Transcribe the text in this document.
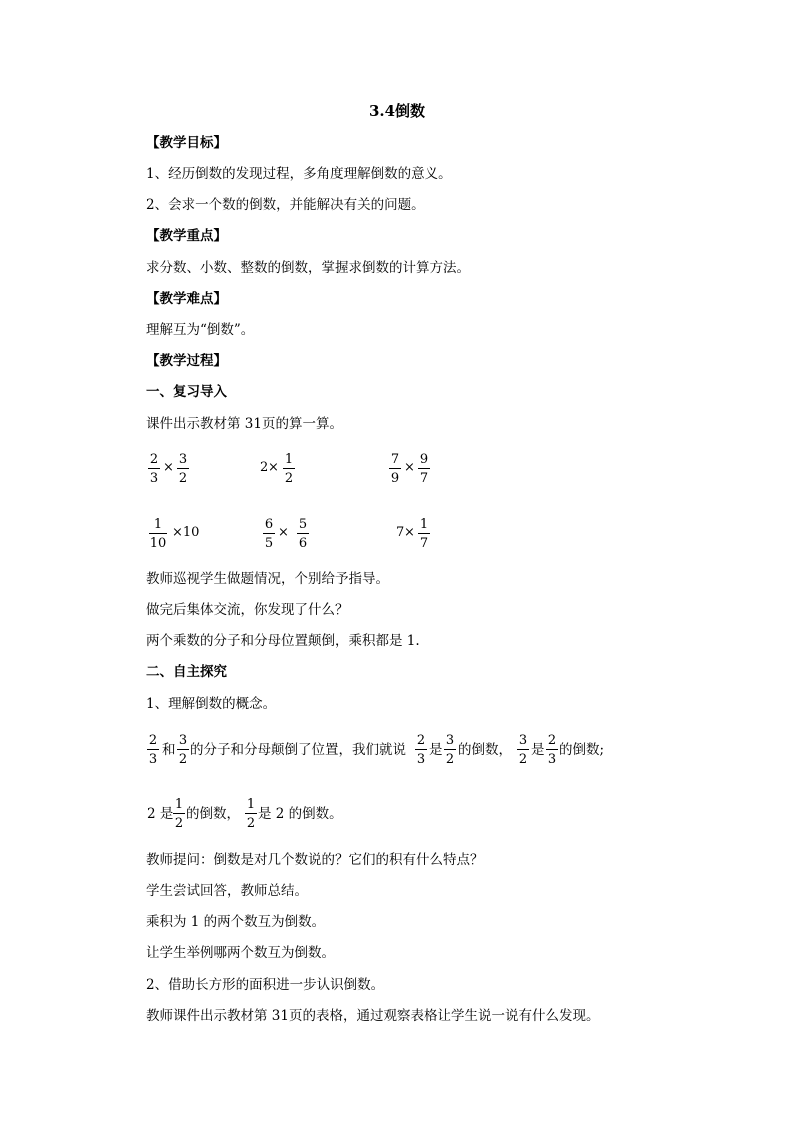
3.4倒数
【教学目标】
1、经历倒数的发现过程，多角度理解倒数的意义。
2、会求一个数的倒数，并能解决有关的问题。
【教学重点】
求分数、小数、整数的倒数，掌握求倒数的计算方法。
【教学难点】
理解互为“倒数”。
【教学过程】
一、复习导入
课件出示教材第 31页的算一算。
$\frac{2}{3} \times \frac{3}{2}$	$2 \times \frac{1}{2}$	$\frac{7}{9} \times \frac{9}{7}$
$\frac{1}{10} \times 10$	$\frac{6}{5} \times \frac{5}{6}$	$7 \times \frac{1}{7}$
教师巡视学生做题情况，个别给予指导。
做完后集体交流，你发现了什么？
两个乘数的分子和分母位置颠倒，乘积都是 1.
二、自主探究
1、理解倒数的概念。
$\frac{2}{3}$ 和 $\frac{3}{2}$ 的分子和分母颠倒了位置，我们就说 $\frac{2}{3}$ 是 $\frac{3}{2}$ 的倒数， $\frac{3}{2}$ 是 $\frac{2}{3}$ 的倒数;
2 是 $\frac{1}{2}$ 的倒数， $\frac{1}{2}$ 是 2 的倒数。
教师提问：倒数是对几个数说的？它们的积有什么特点？
学生尝试回答，教师总结。
乘积为 1 的两个数互为倒数。
让学生举例哪两个数互为倒数。
2、借助长方形的面积进一步认识倒数。
教师课件出示教材第 31页的表格，通过观察表格让学生说一说有什么发现。
